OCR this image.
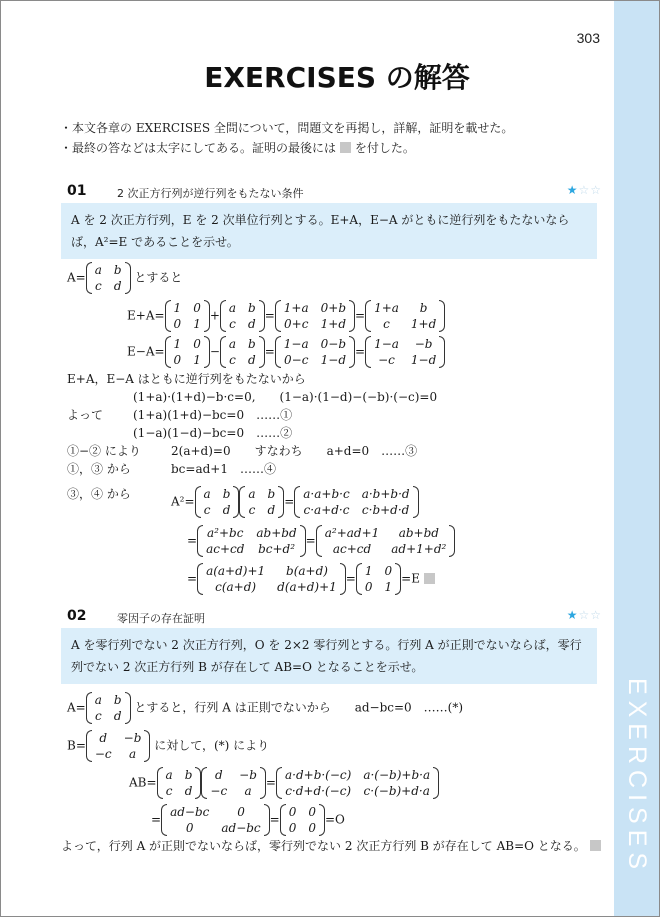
EXERCISES
303
EXERCISES の解答
・本文各章の EXERCISES 全問について，問題文を再掲し，詳解，証明を載せた。
・最終の答などは太字にしてある。証明の最後には を付した。
01	2 次正方行列が逆行列をもたない条件	★☆☆
A を 2 次正方行列，E を 2 次単位行列とする。E+A，E−A がともに逆行列をもたないならば，A²=E であることを示せ。
A=
a b
c d
とすると
E+A=
1 0
0 1
+
a b
c d
=
1+a 0+b
0+c 1+d
=
1+a	b
c	1+d
E−A=
1 0
0 1
−
a b
c d
=
1−a 0−b
0−c 1−d
=
1−a	−b
−c	1−d
E+A，E−A はともに逆行列をもたないから
(1+a)·(1+d)−b·c=0,　　(1−a)·(1−d)−(−b)·(−c)=0
よって (1+a)(1+d)−bc=0　……①
(1−a)(1−d)−bc=0　……②
①−② により	2(a+d)=0　　すなわち　　a+d=0　……③
①，③ から	bc=ad+1　……④
③，④ から
A²=
a b
c d
a b
c d
=
a·a+b·c a·b+b·d
c·a+d·c c·b+d·d
=
a²+bc ab+bd
ac+cd bc+d²
=
a²+ad+1	ab+bd
ac+cd	ad+1+d²
=
a(a+d)+1	b(a+d)
c(a+d)	d(a+d)+1
=
1 0
0 1
=E
02	零因子の存在証明	★☆☆
A を零行列でない 2 次正方行列，O を 2×2 零行列とする。行列 A が正則でないならば，零行列でない 2 次正方行列 B が存在して AB=O となることを示せ。
A=
a b
c d
とすると，行列 A は正則でないから　　ad−bc=0　……(*)
B=
d	−b
−c	a
に対して，(*) により
AB=
a b
c d
d	−b
−c	a
=
a·d+b·(−c) a·(−b)+b·a
c·d+d·(−c) c·(−b)+d·a
=
ad−bc	0
0	ad−bc
=
0 0
0 0
=O
よって，行列 A が正則でないならば，零行列でない 2 次正方行列 B が存在して AB=O となる。
